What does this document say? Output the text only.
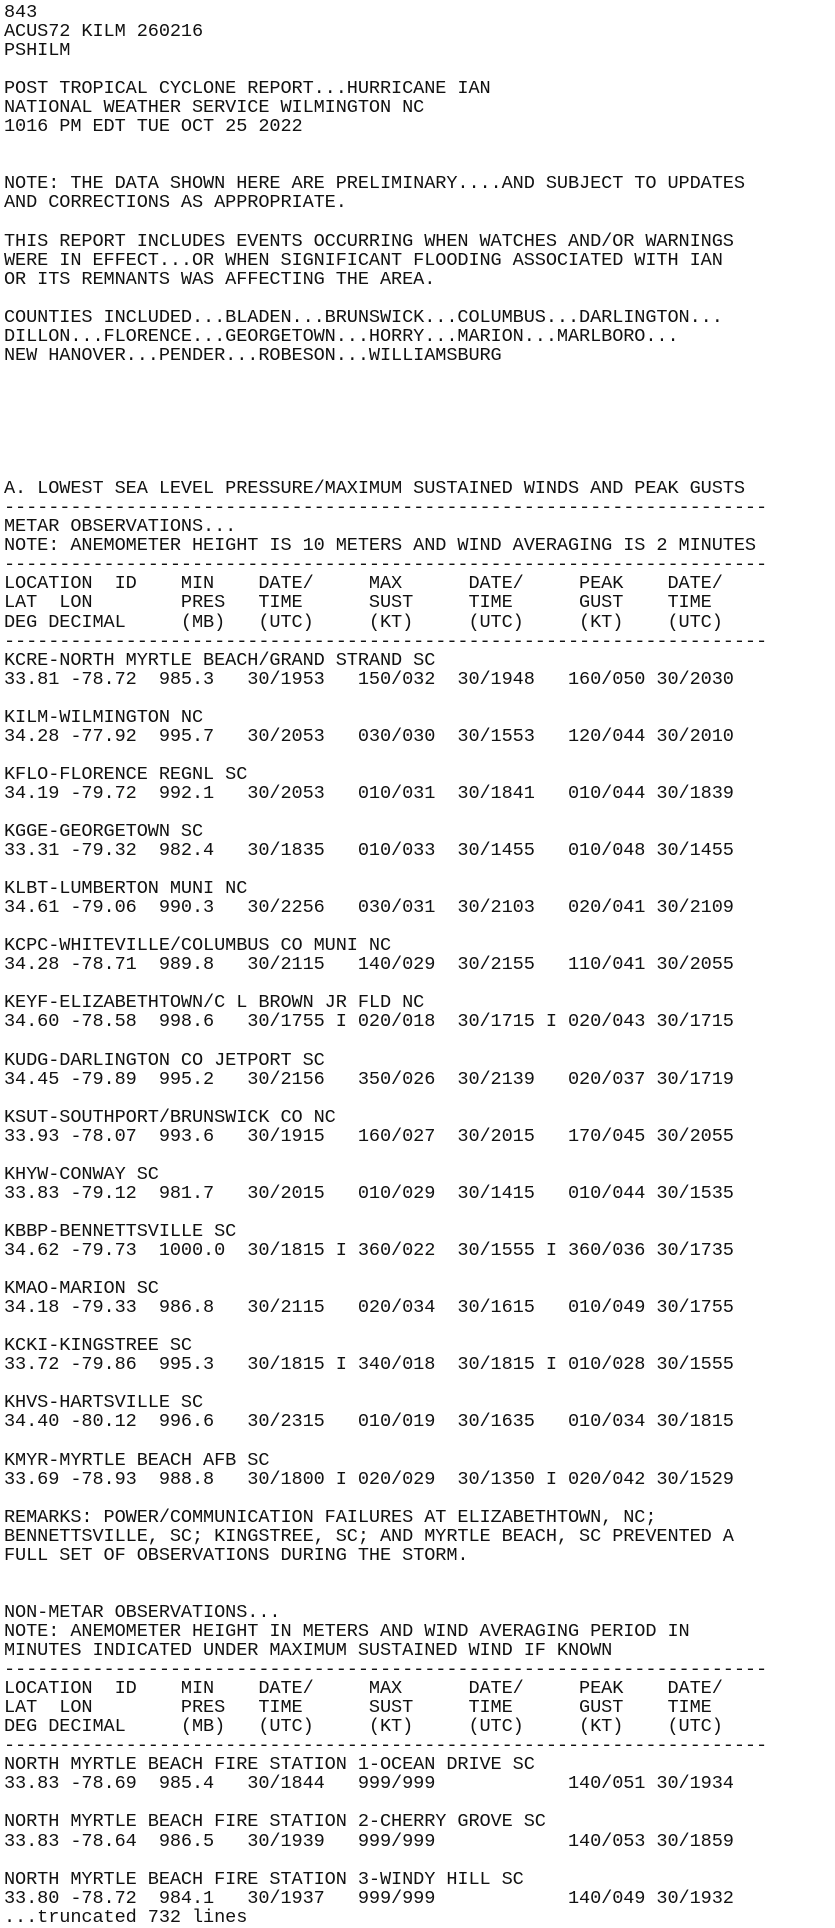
843
ACUS72 KILM 260216
PSHILM
POST TROPICAL CYCLONE REPORT...HURRICANE IAN
NATIONAL WEATHER SERVICE WILMINGTON NC
1016 PM EDT TUE OCT 25 2022
NOTE: THE DATA SHOWN HERE ARE PRELIMINARY....AND SUBJECT TO UPDATES
AND CORRECTIONS AS APPROPRIATE.
THIS REPORT INCLUDES EVENTS OCCURRING WHEN WATCHES AND/OR WARNINGS
WERE IN EFFECT...OR WHEN SIGNIFICANT FLOODING ASSOCIATED WITH IAN
OR ITS REMNANTS WAS AFFECTING THE AREA.
COUNTIES INCLUDED...BLADEN...BRUNSWICK...COLUMBUS...DARLINGTON...
DILLON...FLORENCE...GEORGETOWN...HORRY...MARION...MARLBORO...
NEW HANOVER...PENDER...ROBESON...WILLIAMSBURG
A. LOWEST SEA LEVEL PRESSURE/MAXIMUM SUSTAINED WINDS AND PEAK GUSTS
---------------------------------------------------------------------
METAR OBSERVATIONS...
NOTE: ANEMOMETER HEIGHT IS 10 METERS AND WIND AVERAGING IS 2 MINUTES
---------------------------------------------------------------------
LOCATION  ID    MIN    DATE/     MAX      DATE/     PEAK    DATE/
LAT  LON        PRES   TIME      SUST     TIME      GUST    TIME
DEG DECIMAL     (MB)   (UTC)     (KT)     (UTC)     (KT)    (UTC)
---------------------------------------------------------------------
KCRE-NORTH MYRTLE BEACH/GRAND STRAND SC
33.81 -78.72  985.3   30/1953   150/032  30/1948   160/050 30/2030
KILM-WILMINGTON NC
34.28 -77.92  995.7   30/2053   030/030  30/1553   120/044 30/2010
KFLO-FLORENCE REGNL SC
34.19 -79.72  992.1   30/2053   010/031  30/1841   010/044 30/1839
KGGE-GEORGETOWN SC
33.31 -79.32  982.4   30/1835   010/033  30/1455   010/048 30/1455
KLBT-LUMBERTON MUNI NC
34.61 -79.06  990.3   30/2256   030/031  30/2103   020/041 30/2109
KCPC-WHITEVILLE/COLUMBUS CO MUNI NC
34.28 -78.71  989.8   30/2115   140/029  30/2155   110/041 30/2055
KEYF-ELIZABETHTOWN/C L BROWN JR FLD NC
34.60 -78.58  998.6   30/1755 I 020/018  30/1715 I 020/043 30/1715
KUDG-DARLINGTON CO JETPORT SC
34.45 -79.89  995.2   30/2156   350/026  30/2139   020/037 30/1719
KSUT-SOUTHPORT/BRUNSWICK CO NC
33.93 -78.07  993.6   30/1915   160/027  30/2015   170/045 30/2055
KHYW-CONWAY SC
33.83 -79.12  981.7   30/2015   010/029  30/1415   010/044 30/1535
KBBP-BENNETTSVILLE SC
34.62 -79.73  1000.0  30/1815 I 360/022  30/1555 I 360/036 30/1735
KMAO-MARION SC
34.18 -79.33  986.8   30/2115   020/034  30/1615   010/049 30/1755
KCKI-KINGSTREE SC
33.72 -79.86  995.3   30/1815 I 340/018  30/1815 I 010/028 30/1555
KHVS-HARTSVILLE SC
34.40 -80.12  996.6   30/2315   010/019  30/1635   010/034 30/1815
KMYR-MYRTLE BEACH AFB SC
33.69 -78.93  988.8   30/1800 I 020/029  30/1350 I 020/042 30/1529
REMARKS: POWER/COMMUNICATION FAILURES AT ELIZABETHTOWN, NC;
BENNETTSVILLE, SC; KINGSTREE, SC; AND MYRTLE BEACH, SC PREVENTED A
FULL SET OF OBSERVATIONS DURING THE STORM.
NON-METAR OBSERVATIONS...
NOTE: ANEMOMETER HEIGHT IN METERS AND WIND AVERAGING PERIOD IN
MINUTES INDICATED UNDER MAXIMUM SUSTAINED WIND IF KNOWN
---------------------------------------------------------------------
LOCATION  ID    MIN    DATE/     MAX      DATE/     PEAK    DATE/
LAT  LON        PRES   TIME      SUST     TIME      GUST    TIME
DEG DECIMAL     (MB)   (UTC)     (KT)     (UTC)     (KT)    (UTC)
---------------------------------------------------------------------
NORTH MYRTLE BEACH FIRE STATION 1-OCEAN DRIVE SC
33.83 -78.69  985.4   30/1844   999/999            140/051 30/1934
NORTH MYRTLE BEACH FIRE STATION 2-CHERRY GROVE SC
33.83 -78.64  986.5   30/1939   999/999            140/053 30/1859
NORTH MYRTLE BEACH FIRE STATION 3-WINDY HILL SC
33.80 -78.72  984.1   30/1937   999/999            140/049 30/1932
...truncated 732 lines
